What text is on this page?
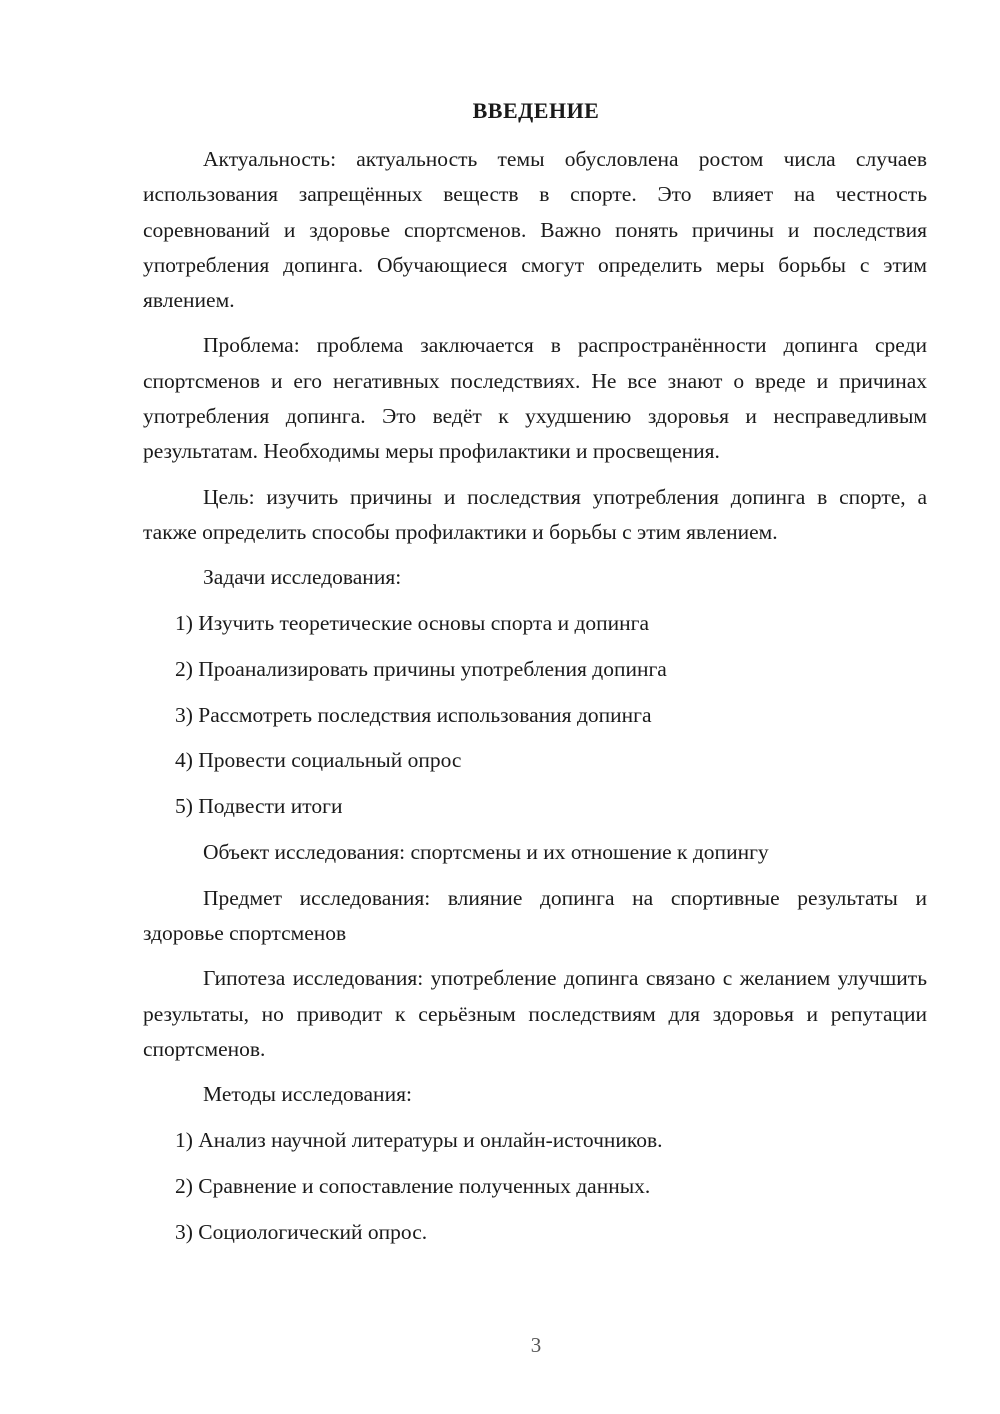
ВВЕДЕНИЕ

Актуальность: актуальность темы обусловлена ростом числа случаев использования запрещённых веществ в спорте. Это влияет на честность соревнований и здоровье спортсменов. Важно понять причины и последствия употребления допинга. Обучающиеся смогут определить меры борьбы с этим явлением.

Проблема: проблема заключается в распространённости допинга среди спортсменов и его негативных последствиях. Не все знают о вреде и причинах употребления допинга. Это ведёт к ухудшению здоровья и несправедливым результатам. Необходимы меры профилактики и просвещения.

Цель: изучить причины и последствия употребления допинга в спорте, а также определить способы профилактики и борьбы с этим явлением.

Задачи исследования:

1) Изучить теоретические основы спорта и допинга

2) Проанализировать причины употребления допинга

3) Рассмотреть последствия использования допинга

4) Провести социальный опрос

5) Подвести итоги

Объект исследования: спортсмены и их отношение к допингу

Предмет исследования: влияние допинга на спортивные результаты и здоровье спортсменов

Гипотеза исследования: употребление допинга связано с желанием улучшить результаты, но приводит к серьёзным последствиям для здоровья и репутации спортсменов.

Методы исследования:

1) Анализ научной литературы и онлайн-источников.

2) Сравнение и сопоставление полученных данных.

3) Социологический опрос.

3
